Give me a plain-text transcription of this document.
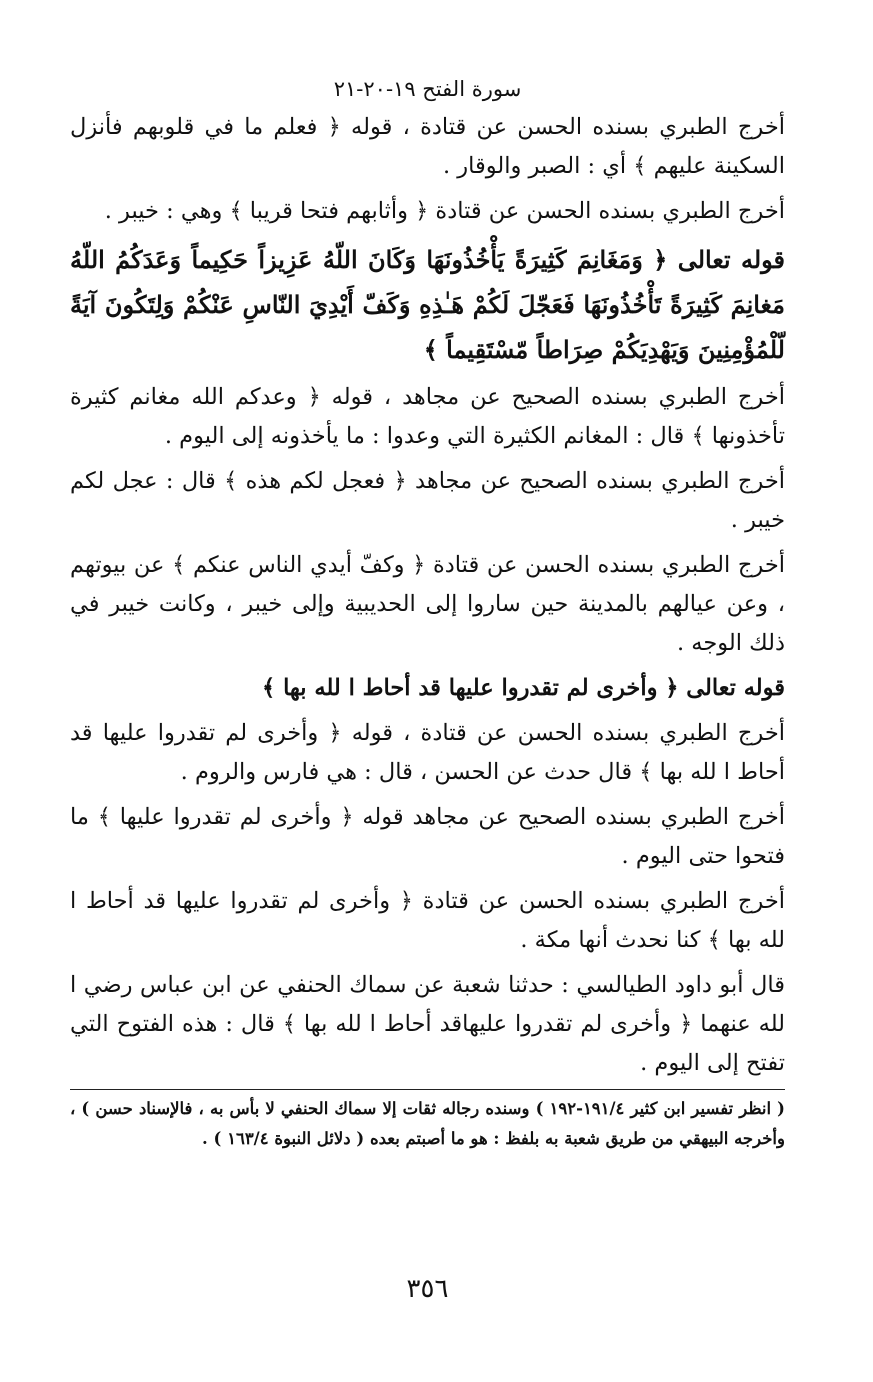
سورة الفتح ١٩-٢٠-٢١

أخرج الطبري بسنده الحسن عن قتادة ، قوله ﴿ فعلم ما في قلوبهم فأنزل السكينة عليهم ﴾ أي : الصبر والوقار .

أخرج الطبري بسنده الحسن عن قتادة ﴿ وأثابهم فتحا قريبا ﴾ وهي : خيبر .

قوله تعالى ﴿ وَمَغَانِمَ كَثِيرَةً يَأْخُذُونَهَا وَكَانَ اللّهُ عَزِيزاً حَكِيماً وَعَدَكُمُ اللّهُ مَغانِمَ كَثِيرَةً تَأْخُذُونَهَا فَعَجّلَ لَكُمْ هَـٰذِهِ وَكَفّ أَيْدِيَ النّاسِ عَنْكُمْ وَلِتَكُونَ آيَةً لّلْمُؤْمِنِينَ وَيَهْدِيَكُمْ صِرَاطاً مّسْتَقِيماً ﴾

أخرج الطبري بسنده الصحيح عن مجاهد ، قوله ﴿ وعدكم الله مغانم كثيرة تأخذونها ﴾ قال : المغانم الكثيرة التي وعدوا : ما يأخذونه إلى اليوم .

أخرج الطبري بسنده الصحيح عن مجاهد ﴿ فعجل لكم هذه ﴾ قال : عجل لكم خيبر .

أخرج الطبري بسنده الحسن عن قتادة ﴿ وكفّ أيدي الناس عنكم ﴾ عن بيوتهم ، وعن عيالهم بالمدينة حين ساروا إلى الحديبية وإلى خيبر ، وكانت خيبر في ذلك الوجه .

قوله تعالى ﴿ وأخرى لم تقدروا عليها قد أحاط ا لله بها ﴾

أخرج الطبري بسنده الحسن عن قتادة ، قوله ﴿ وأخرى لم تقدروا عليها قد أحاط ا لله بها ﴾ قال حدث عن الحسن ، قال : هي فارس والروم .

أخرج الطبري بسنده الصحيح عن مجاهد قوله ﴿ وأخرى لم تقدروا عليها ﴾ ما فتحوا حتى اليوم .

أخرج الطبري بسنده الحسن عن قتادة ﴿ وأخرى لم تقدروا عليها قد أحاط ا لله بها ﴾ كنا نحدث أنها مكة .

قال أبو داود الطيالسي : حدثنا شعبة عن سماك الحنفي عن ابن عباس رضي ا لله عنهما ﴿ وأخرى لم تقدروا عليهاقد أحاط ا لله بها ﴾ قال : هذه الفتوح التي تفتح إلى اليوم .

( انظر تفسير ابن كثير ١٩١/٤-١٩٢ ) وسنده رجاله ثقات إلا سماك الحنفي لا بأس به ، فالإسناد حسن ) ، وأخرجه البيهقي من طريق شعبة به بلفظ : هو ما أصبتم بعده ( دلائل النبوة ١٦٣/٤ ) .

٣٥٦
